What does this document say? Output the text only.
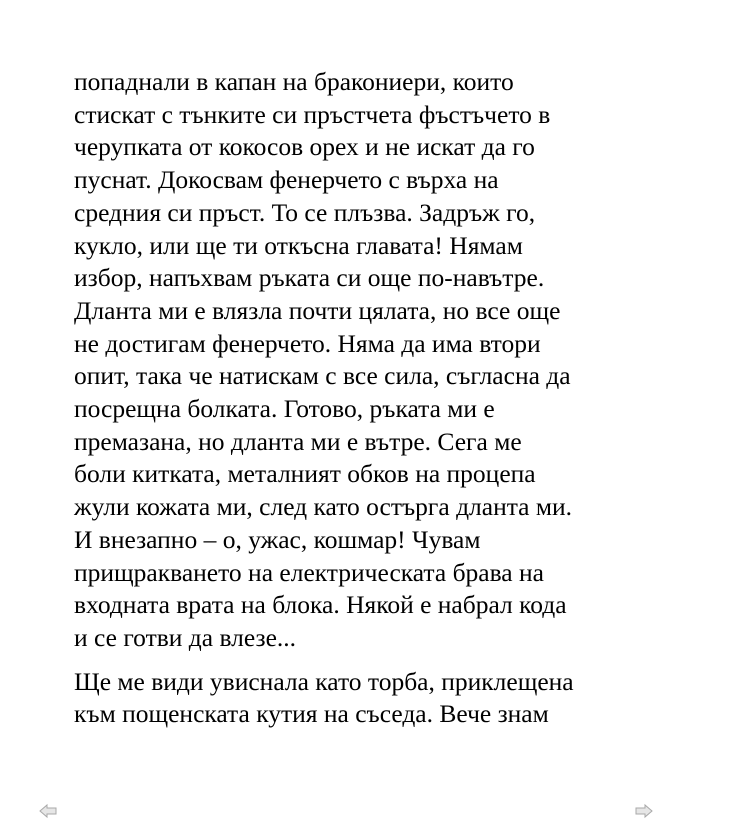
попаднали в капан на бракониери, които
стискат с тънките си пръстчета фъстъчето в
черупката от кокосов орех и не искат да го
пуснат. Докосвам фенерчето с върха на
средния си пръст. То се плъзва. Задръж го,
кукло, или ще ти откъсна главата! Нямам
избор, напъхвам ръката си още по-навътре.
Дланта ми е влязла почти цялата, но все още
не достигам фенерчето. Няма да има втори
опит, така че натискам с все сила, съгласна да
посрещна болката. Готово, ръката ми е
премазана, но дланта ми е вътре. Сега ме
боли китката, металният обков на процепа
жули кожата ми, след като остърга дланта ми.
И внезапно – о, ужас, кошмар! Чувам
прищракването на електрическата брава на
входната врата на блока. Някой е набрал кода
и се готви да влезе...

Ще ме види увиснала като торба, приклещена
към пощенската кутия на съседа. Вече знам
